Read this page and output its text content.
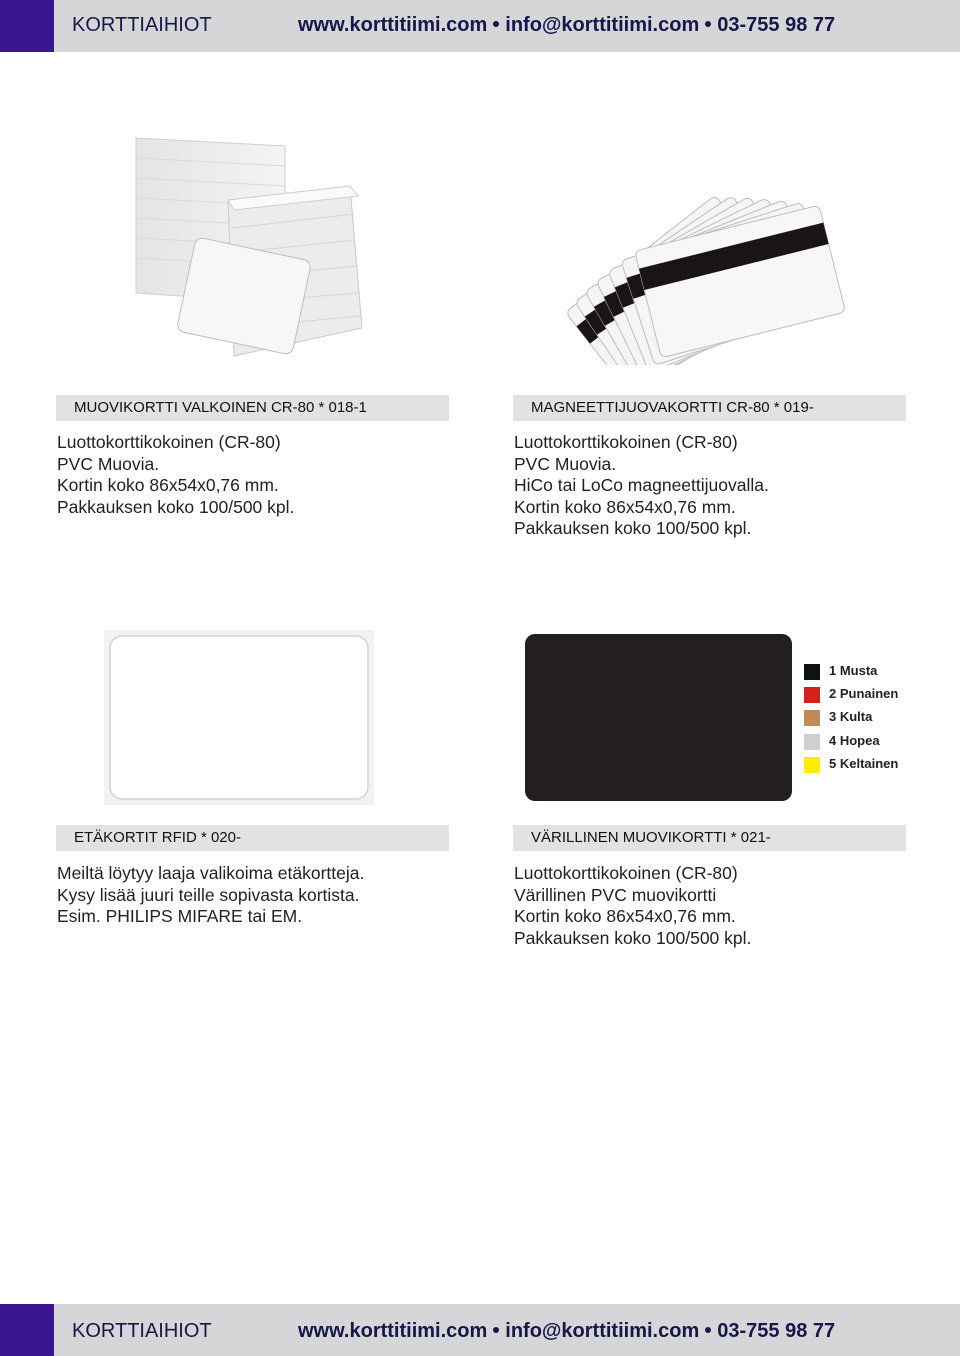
KORTTIAIHIOT	www.korttitiimi.com info@korttitiimi.com 03-755 98 77
MUOVIKORTTI VALKOINEN CR-80 * 018-1
Luottokorttikokoinen (CR-80)
PVC Muovia.
Kortin koko 86x54x0,76 mm.
Pakkauksen koko 100/500 kpl.
MAGNEETTIJUOVAKORTTI CR-80 * 019-
Luottokorttikokoinen (CR-80)
PVC Muovia.
HiCo tai LoCo magneettijuovalla.
Kortin koko 86x54x0,76 mm.
Pakkauksen koko 100/500 kpl.
1 Musta
2 Punainen
3 Kulta
4 Hopea
5 Keltainen
ETÄKORTIT RFID * 020-
Meiltä löytyy laaja valikoima etäkortteja.
Kysy lisää juuri teille sopivasta kortista.
Esim. PHILIPS MIFARE tai EM.
VÄRILLINEN MUOVIKORTTI * 021-
Luottokorttikokoinen (CR-80)
Värillinen PVC muovikortti
Kortin koko 86x54x0,76 mm.
Pakkauksen koko 100/500 kpl.
KORTTIAIHIOT	www.korttitiimi.com info@korttitiimi.com 03-755 98 77
